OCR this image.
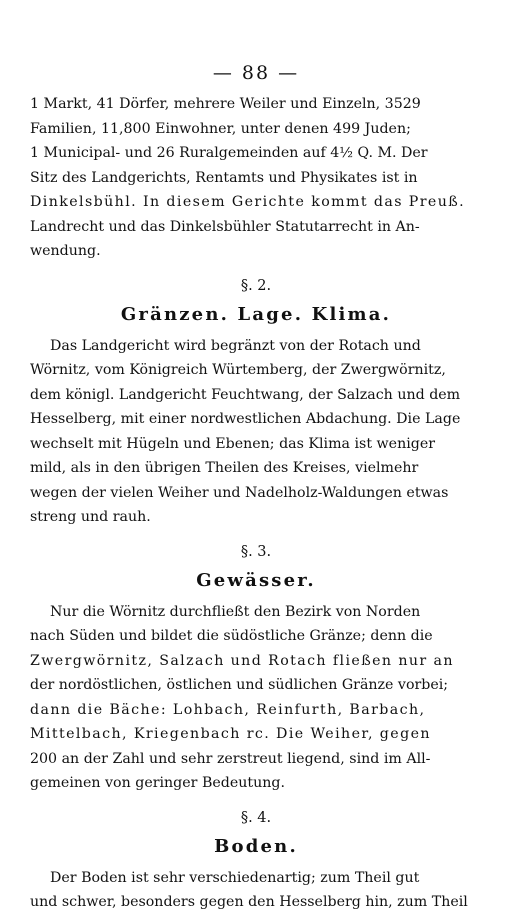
— 88 —
1 Markt, 41 Dörfer, mehrere Weiler und Einzeln, 3529
Familien, 11,800 Einwohner, unter denen 499 Juden;
1 Municipal- und 26 Ruralgemeinden auf 4½ Q. M. Der
Sitz des Landgerichts, Rentamts und Physikates ist in
Dinkelsbühl. In diesem Gerichte kommt das Preuß.
Landrecht und das Dinkelsbühler Statutarrecht in An-
wendung.
§. 2.
Gränzen. Lage. Klima.
Das Landgericht wird begränzt von der Rotach und
Wörnitz, vom Königreich Würtemberg, der Zwergwörnitz,
dem königl. Landgericht Feuchtwang, der Salzach und dem
Hesselberg, mit einer nordwestlichen Abdachung. Die Lage
wechselt mit Hügeln und Ebenen; das Klima ist weniger
mild, als in den übrigen Theilen des Kreises, vielmehr
wegen der vielen Weiher und Nadelholz-Waldungen etwas
streng und rauh.
§. 3.
Gewässer.
Nur die Wörnitz durchfließt den Bezirk von Norden
nach Süden und bildet die südöstliche Gränze; denn die
Zwergwörnitz, Salzach und Rotach fließen nur an
der nordöstlichen, östlichen und südlichen Gränze vorbei;
dann die Bäche: Lohbach, Reinfurth, Barbach,
Mittelbach, Kriegenbach rc. Die Weiher, gegen
200 an der Zahl und sehr zerstreut liegend, sind im All-
gemeinen von geringer Bedeutung.
§. 4.
Boden.
Der Boden ist sehr verschiedenartig; zum Theil gut
und schwer, besonders gegen den Hesselberg hin, zum Theil
